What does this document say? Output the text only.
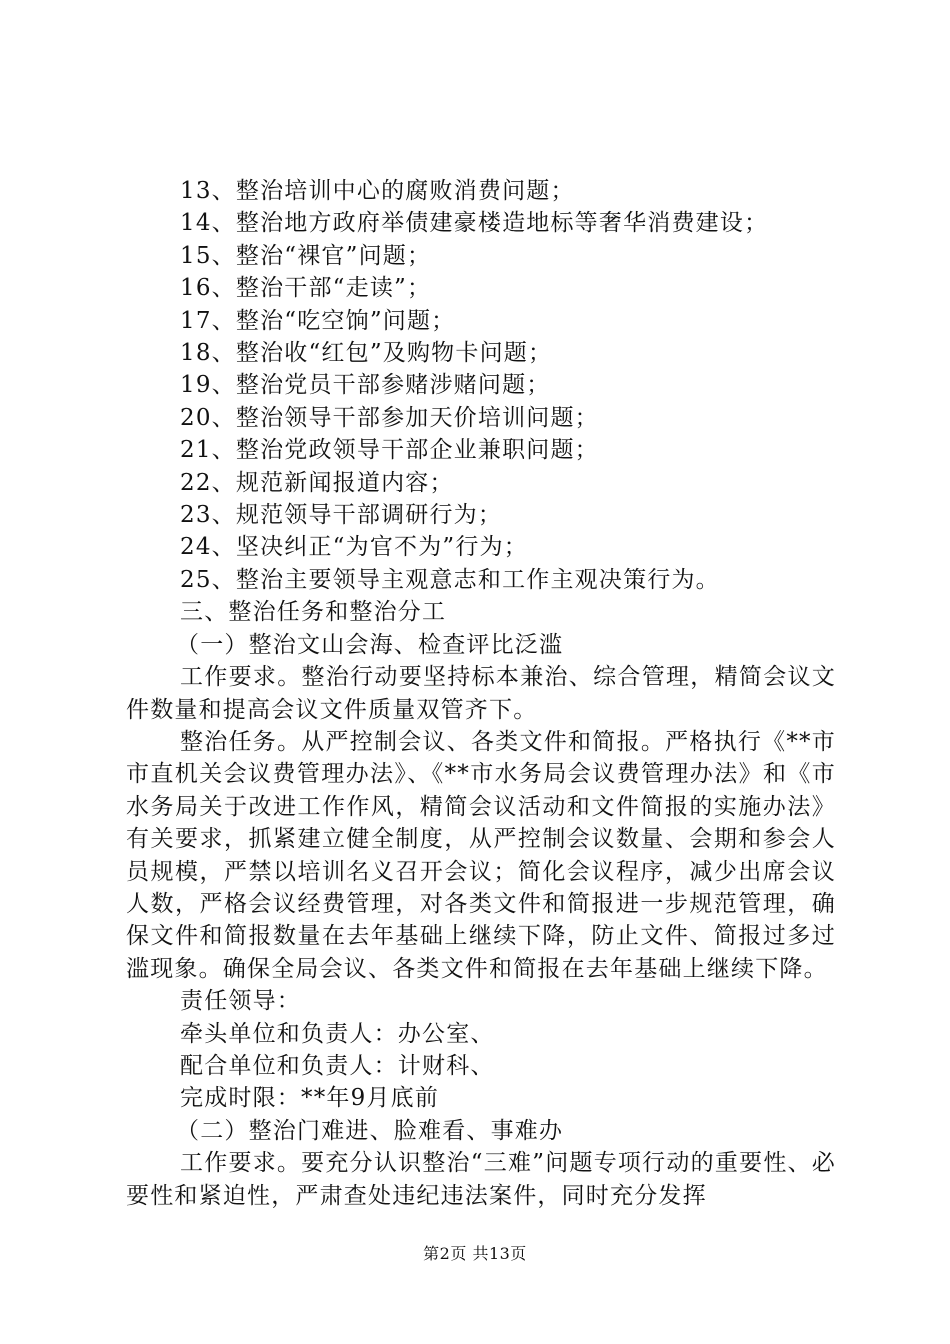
13、整治培训中心的腐败消费问题；

14、整治地方政府举债建豪楼造地标等奢华消费建设；

15、整治“裸官”问题；

16、整治干部“走读”；

17、整治“吃空饷”问题；

18、整治收“红包”及购物卡问题；

19、整治党员干部参赌涉赌问题；

20、整治领导干部参加天价培训问题；

21、整治党政领导干部企业兼职问题；

22、规范新闻报道内容；

23、规范领导干部调研行为；

24、坚决纠正“为官不为”行为；

25、整治主要领导主观意志和工作主观决策行为。

三、整治任务和整治分工

（一）整治文山会海、检查评比泛滥

工作要求。整治行动要坚持标本兼治、综合管理，精简会议文件数量和提高会议文件质量双管齐下。

整治任务。从严控制会议、各类文件和简报。严格执行《**市市直机关会议费管理办法》、《**市水务局会议费管理办法》和《市水务局关于改进工作作风，精简会议活动和文件简报的实施办法》有关要求，抓紧建立健全制度，从严控制会议数量、会期和参会人员规模，严禁以培训名义召开会议；简化会议程序，减少出席会议人数，严格会议经费管理，对各类文件和简报进一步规范管理，确保文件和简报数量在去年基础上继续下降，防止文件、简报过多过滥现象。确保全局会议、各类文件和简报在去年基础上继续下降。

责任领导：

牵头单位和负责人：办公室、

配合单位和负责人：计财科、

完成时限：**年9月底前

（二）整治门难进、脸难看、事难办

工作要求。要充分认识整治“三难”问题专项行动的重要性、必要性和紧迫性，严肃查处违纪违法案件，同时充分发挥

第2页 共13页
